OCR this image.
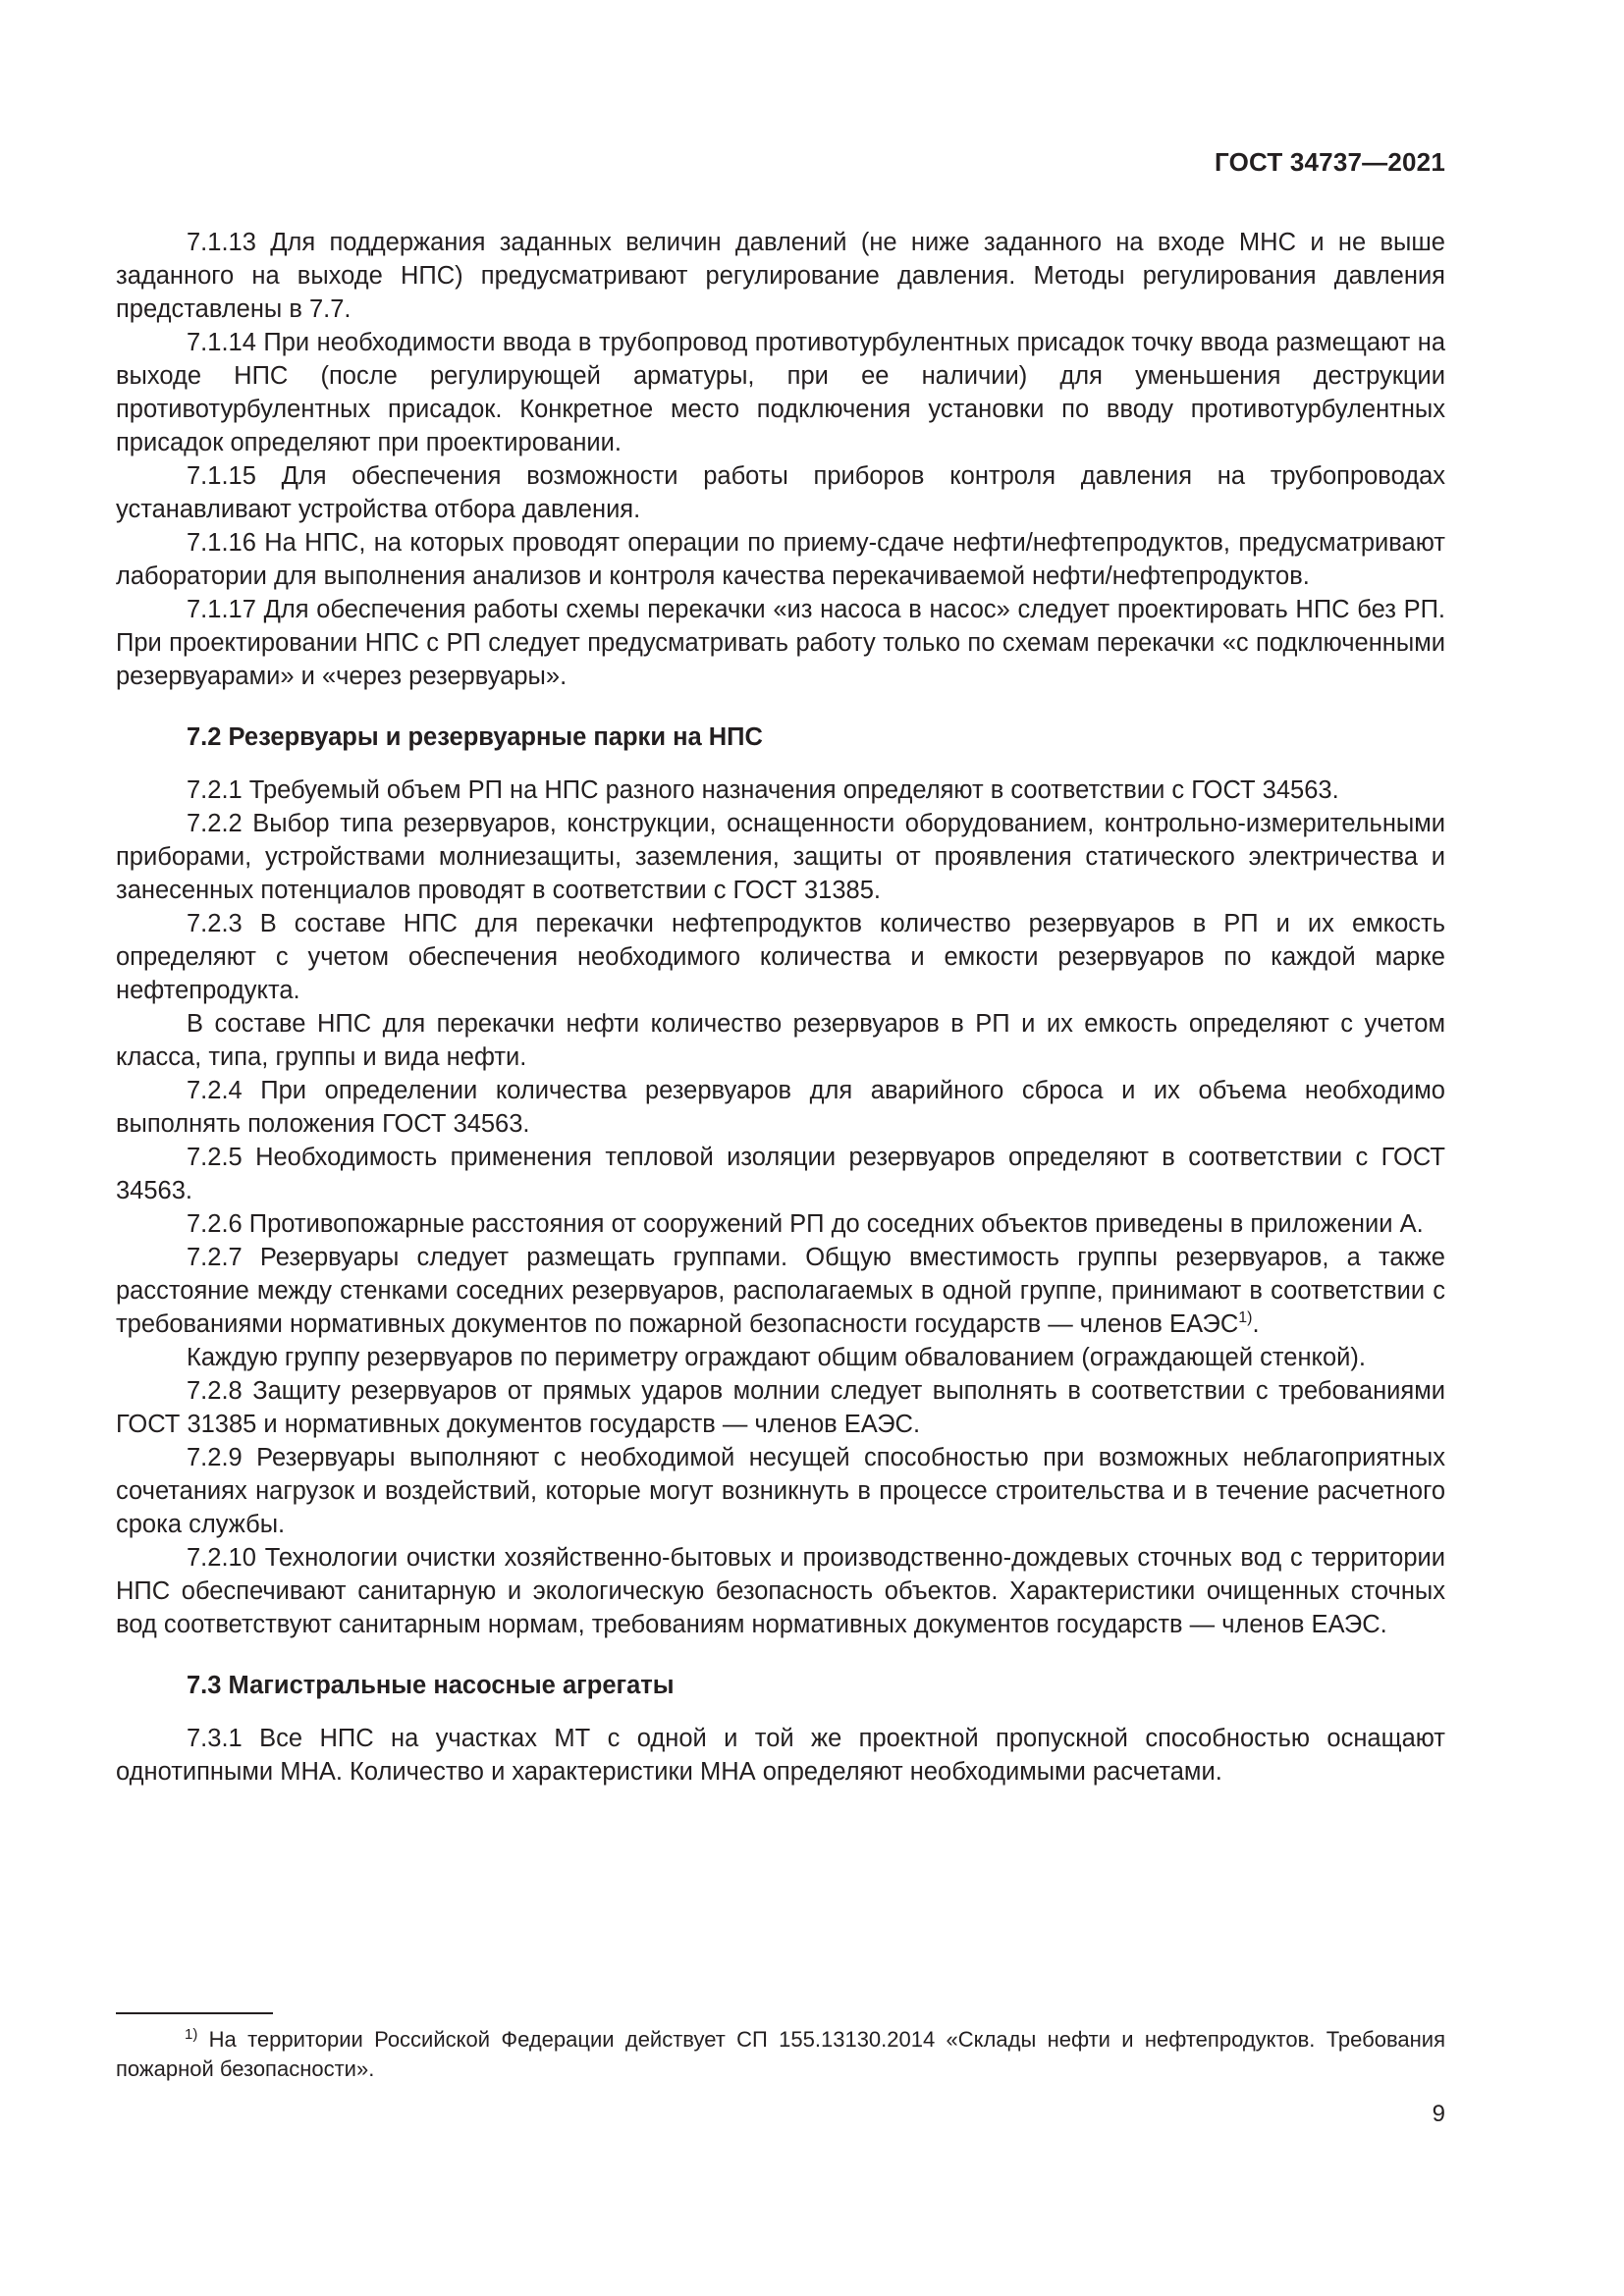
ГОСТ 34737—2021

7.1.13 Для поддержания заданных величин давлений (не ниже заданного на входе МНС и не выше заданного на выходе НПС) предусматривают регулирование давления. Методы регулирования давления представлены в 7.7.

7.1.14 При необходимости ввода в трубопровод противотурбулентных присадок точку ввода размещают на выходе НПС (после регулирующей арматуры, при ее наличии) для уменьшения деструкции противотурбулентных присадок. Конкретное место подключения установки по вводу противотурбулентных присадок определяют при проектировании.

7.1.15 Для обеспечения возможности работы приборов контроля давления на трубопроводах устанавливают устройства отбора давления.

7.1.16 На НПС, на которых проводят операции по приему-сдаче нефти/нефтепродуктов, предусматривают лаборатории для выполнения анализов и контроля качества перекачиваемой нефти/нефтепродуктов.

7.1.17 Для обеспечения работы схемы перекачки «из насоса в насос» следует проектировать НПС без РП. При проектировании НПС с РП следует предусматривать работу только по схемам перекачки «с подключенными резервуарами» и «через резервуары».

7.2 Резервуары и резервуарные парки на НПС

7.2.1 Требуемый объем РП на НПС разного назначения определяют в соответствии с ГОСТ 34563.

7.2.2 Выбор типа резервуаров, конструкции, оснащенности оборудованием, контрольно-измерительными приборами, устройствами молниезащиты, заземления, защиты от проявления статического электричества и занесенных потенциалов проводят в соответствии с ГОСТ 31385.

7.2.3 В составе НПС для перекачки нефтепродуктов количество резервуаров в РП и их емкость определяют с учетом обеспечения необходимого количества и емкости резервуаров по каждой марке нефтепродукта.

В составе НПС для перекачки нефти количество резервуаров в РП и их емкость определяют с учетом класса, типа, группы и вида нефти.

7.2.4 При определении количества резервуаров для аварийного сброса и их объема необходимо выполнять положения ГОСТ 34563.

7.2.5 Необходимость применения тепловой изоляции резервуаров определяют в соответствии с ГОСТ 34563.

7.2.6 Противопожарные расстояния от сооружений РП до соседних объектов приведены в приложении А.

7.2.7 Резервуары следует размещать группами. Общую вместимость группы резервуаров, а также расстояние между стенками соседних резервуаров, располагаемых в одной группе, принимают в соответствии с требованиями нормативных документов по пожарной безопасности государств — членов ЕАЭС$^{1)}$.

Каждую группу резервуаров по периметру ограждают общим обвалованием (ограждающей стенкой).

7.2.8 Защиту резервуаров от прямых ударов молнии следует выполнять в соответствии с требованиями ГОСТ 31385 и нормативных документов государств — членов ЕАЭС.

7.2.9 Резервуары выполняют с необходимой несущей способностью при возможных неблагоприятных сочетаниях нагрузок и воздействий, которые могут возникнуть в процессе строительства и в течение расчетного срока службы.

7.2.10 Технологии очистки хозяйственно-бытовых и производственно-дождевых сточных вод с территории НПС обеспечивают санитарную и экологическую безопасность объектов. Характеристики очищенных сточных вод соответствуют санитарным нормам, требованиям нормативных документов государств — членов ЕАЭС.

7.3 Магистральные насосные агрегаты

7.3.1 Все НПС на участках МТ с одной и той же проектной пропускной способностью оснащают однотипными МНА. Количество и характеристики МНА определяют необходимыми расчетами.

$^{1)}$ На территории Российской Федерации действует СП 155.13130.2014 «Склады нефти и нефтепродуктов. Требования пожарной безопасности».

9
